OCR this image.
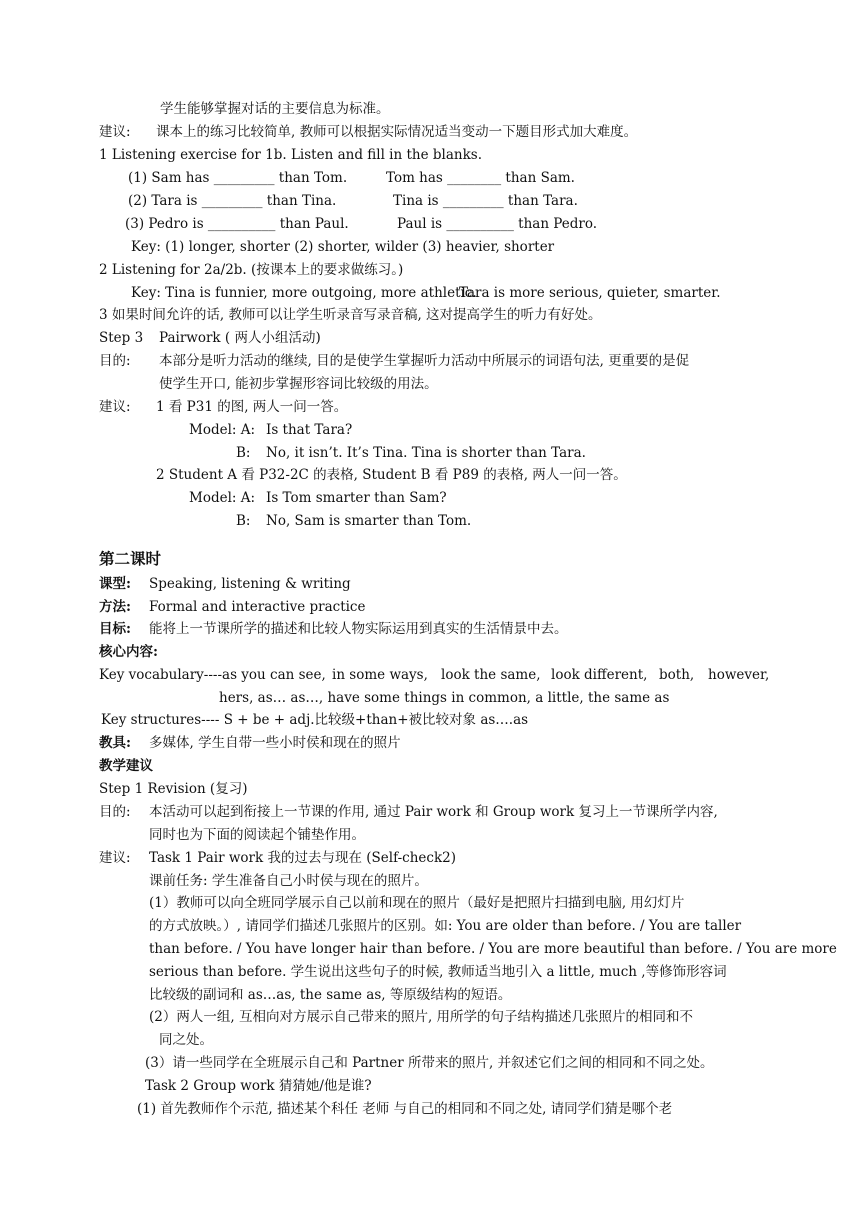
学生能够掌握对话的主要信息为标准。
建议: 课本上的练习比较简单, 教师可以根据实际情况适当变动一下题目形式加大难度。
1 Listening exercise for 1b. Listen and fill in the blanks.
(1) Sam has _________ than Tom.	Tom has ________ than Sam.
(2) Tara is _________ than Tina.	Tina is _________ than Tara.
(3) Pedro is __________ than Paul.	Paul is __________ than Pedro.
Key: (1) longer, shorter (2) shorter, wilder (3) heavier, shorter
2 Listening for 2a/2b. (按课本上的要求做练习。)
Key: Tina is funnier, more outgoing, more athletic.
Tara is more serious, quieter, smarter.
3 如果时间允许的话, 教师可以让学生听录音写录音稿, 这对提高学生的听力有好处。
Step 3 Pairwork ( 两人小组活动)
目的: 本部分是听力活动的继续, 目的是使学生掌握听力活动中所展示的词语句法, 更重要的是促
使学生开口, 能初步掌握形容词比较级的用法。
建议: 1 看 P31 的图, 两人一问一答。
Model: A: Is that Tara?
B: No, it isn’t. It’s Tina. Tina is shorter than Tara.
2 Student A 看 P32-2C 的表格, Student B 看 P89 的表格, 两人一问一答。
Model: A: Is Tom smarter than Sam?
B: No, Sam is smarter than Tom.
第二课时
课型: Speaking, listening & writing
方法: Formal and interactive practice
目标: 能将上一节课所学的描述和比较人物实际运用到真实的生活情景中去。
核心内容:
Key vocabulary----as you can see, in some ways, look the same, look different, both, however,
hers, as… as…, have some things in common, a little, the same as
Key structures---- S + be + adj.比较级+than+被比较对象 as….as
教具: 多媒体, 学生自带一些小时侯和现在的照片
教学建议
Step 1 Revision (复习)
目的: 本活动可以起到衔接上一节课的作用, 通过 Pair work 和 Group work 复习上一节课所学内容,
同时也为下面的阅读起个铺垫作用。
建议: Task 1 Pair work 我的过去与现在 (Self-check2)
课前任务: 学生准备自己小时侯与现在的照片。
(1）教师可以向全班同学展示自己以前和现在的照片（最好是把照片扫描到电脑, 用幻灯片
的方式放映。）, 请同学们描述几张照片的区别。如: You are older than before. / You are taller
than before. / You have longer hair than before. / You are more beautiful than before. / You are more
serious than before. 学生说出这些句子的时候, 教师适当地引入 a little, much ,等修饰形容词
比较级的副词和 as…as, the same as, 等原级结构的短语。
(2）两人一组, 互相向对方展示自己带来的照片, 用所学的句子结构描述几张照片的相同和不
同之处。
(3）请一些同学在全班展示自己和 Partner 所带来的照片, 并叙述它们之间的相同和不同之处。
Task 2 Group work 猜猜她/他是谁?
(1) 首先教师作个示范, 描述某个科任 老师 与自己的相同和不同之处, 请同学们猜是哪个老
